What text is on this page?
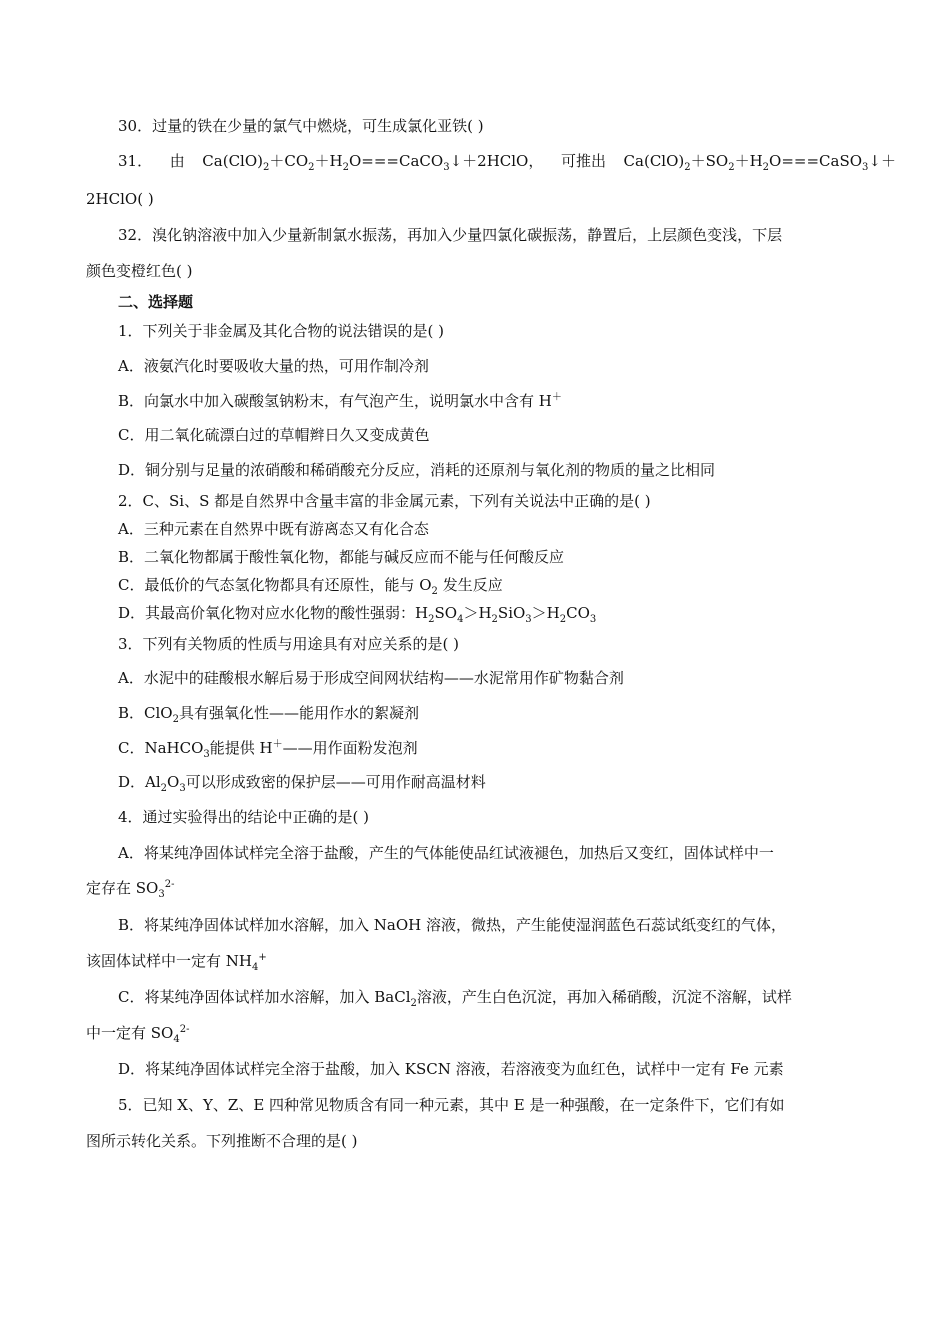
30．过量的铁在少量的氯气中燃烧，可生成氯化亚铁( )
31． 由 $Ca(ClO)_2+CO_2+H_2O===CaCO_3↓+2HClO$， 可推出 $Ca(ClO)_2+SO_2+H_2O===CaSO_3↓+$
2HClO( )
32．溴化钠溶液中加入少量新制氯水振荡，再加入少量四氯化碳振荡，静置后，上层颜色变浅，下层
颜色变橙红色( )
二、选择题
1．下列关于非金属及其化合物的说法错误的是( )
A．液氨汽化时要吸收大量的热，可用作制冷剂
B．向氯水中加入碳酸氢钠粉末，有气泡产生，说明氯水中含有 H＋
C．用二氧化硫漂白过的草帽辫日久又变成黄色
D．铜分别与足量的浓硝酸和稀硝酸充分反应，消耗的还原剂与氧化剂的物质的量之比相同
2．C、Si、S 都是自然界中含量丰富的非金属元素，下列有关说法中正确的是( )
A．三种元素在自然界中既有游离态又有化合态
B．二氧化物都属于酸性氧化物，都能与碱反应而不能与任何酸反应
C．最低价的气态氢化物都具有还原性，能与 $O_2$ 发生反应
D．其最高价氧化物对应水化物的酸性强弱：$H_2SO_4>H_2SiO_3>H_2CO_3$
3．下列有关物质的性质与用途具有对应关系的是( )
A．水泥中的硅酸根水解后易于形成空间网状结构——水泥常用作矿物黏合剂
B．ClO$_2$具有强氧化性——能用作水的絮凝剂
C．NaHCO$_3$能提供 H＋——用作面粉发泡剂
D．$Al_2O_3$可以形成致密的保护层——可用作耐高温材料
4．通过实验得出的结论中正确的是( )
A．将某纯净固体试样完全溶于盐酸，产生的气体能使品红试液褪色，加热后又变红，固体试样中一
定存在 $SO_3^{2-}$
B．将某纯净固体试样加水溶解，加入 NaOH 溶液，微热，产生能使湿润蓝色石蕊试纸变红的气体，
该固体试样中一定有 $NH_4^+$
C．将某纯净固体试样加水溶解，加入 BaCl$_2$溶液，产生白色沉淀，再加入稀硝酸，沉淀不溶解，试样
中一定有 $SO_4^{2-}$
D．将某纯净固体试样完全溶于盐酸，加入 KSCN 溶液，若溶液变为血红色，试样中一定有 Fe 元素
5．已知 X、Y、Z、E 四种常见物质含有同一种元素，其中 E 是一种强酸，在一定条件下，它们有如
图所示转化关系。下列推断不合理的是( )
